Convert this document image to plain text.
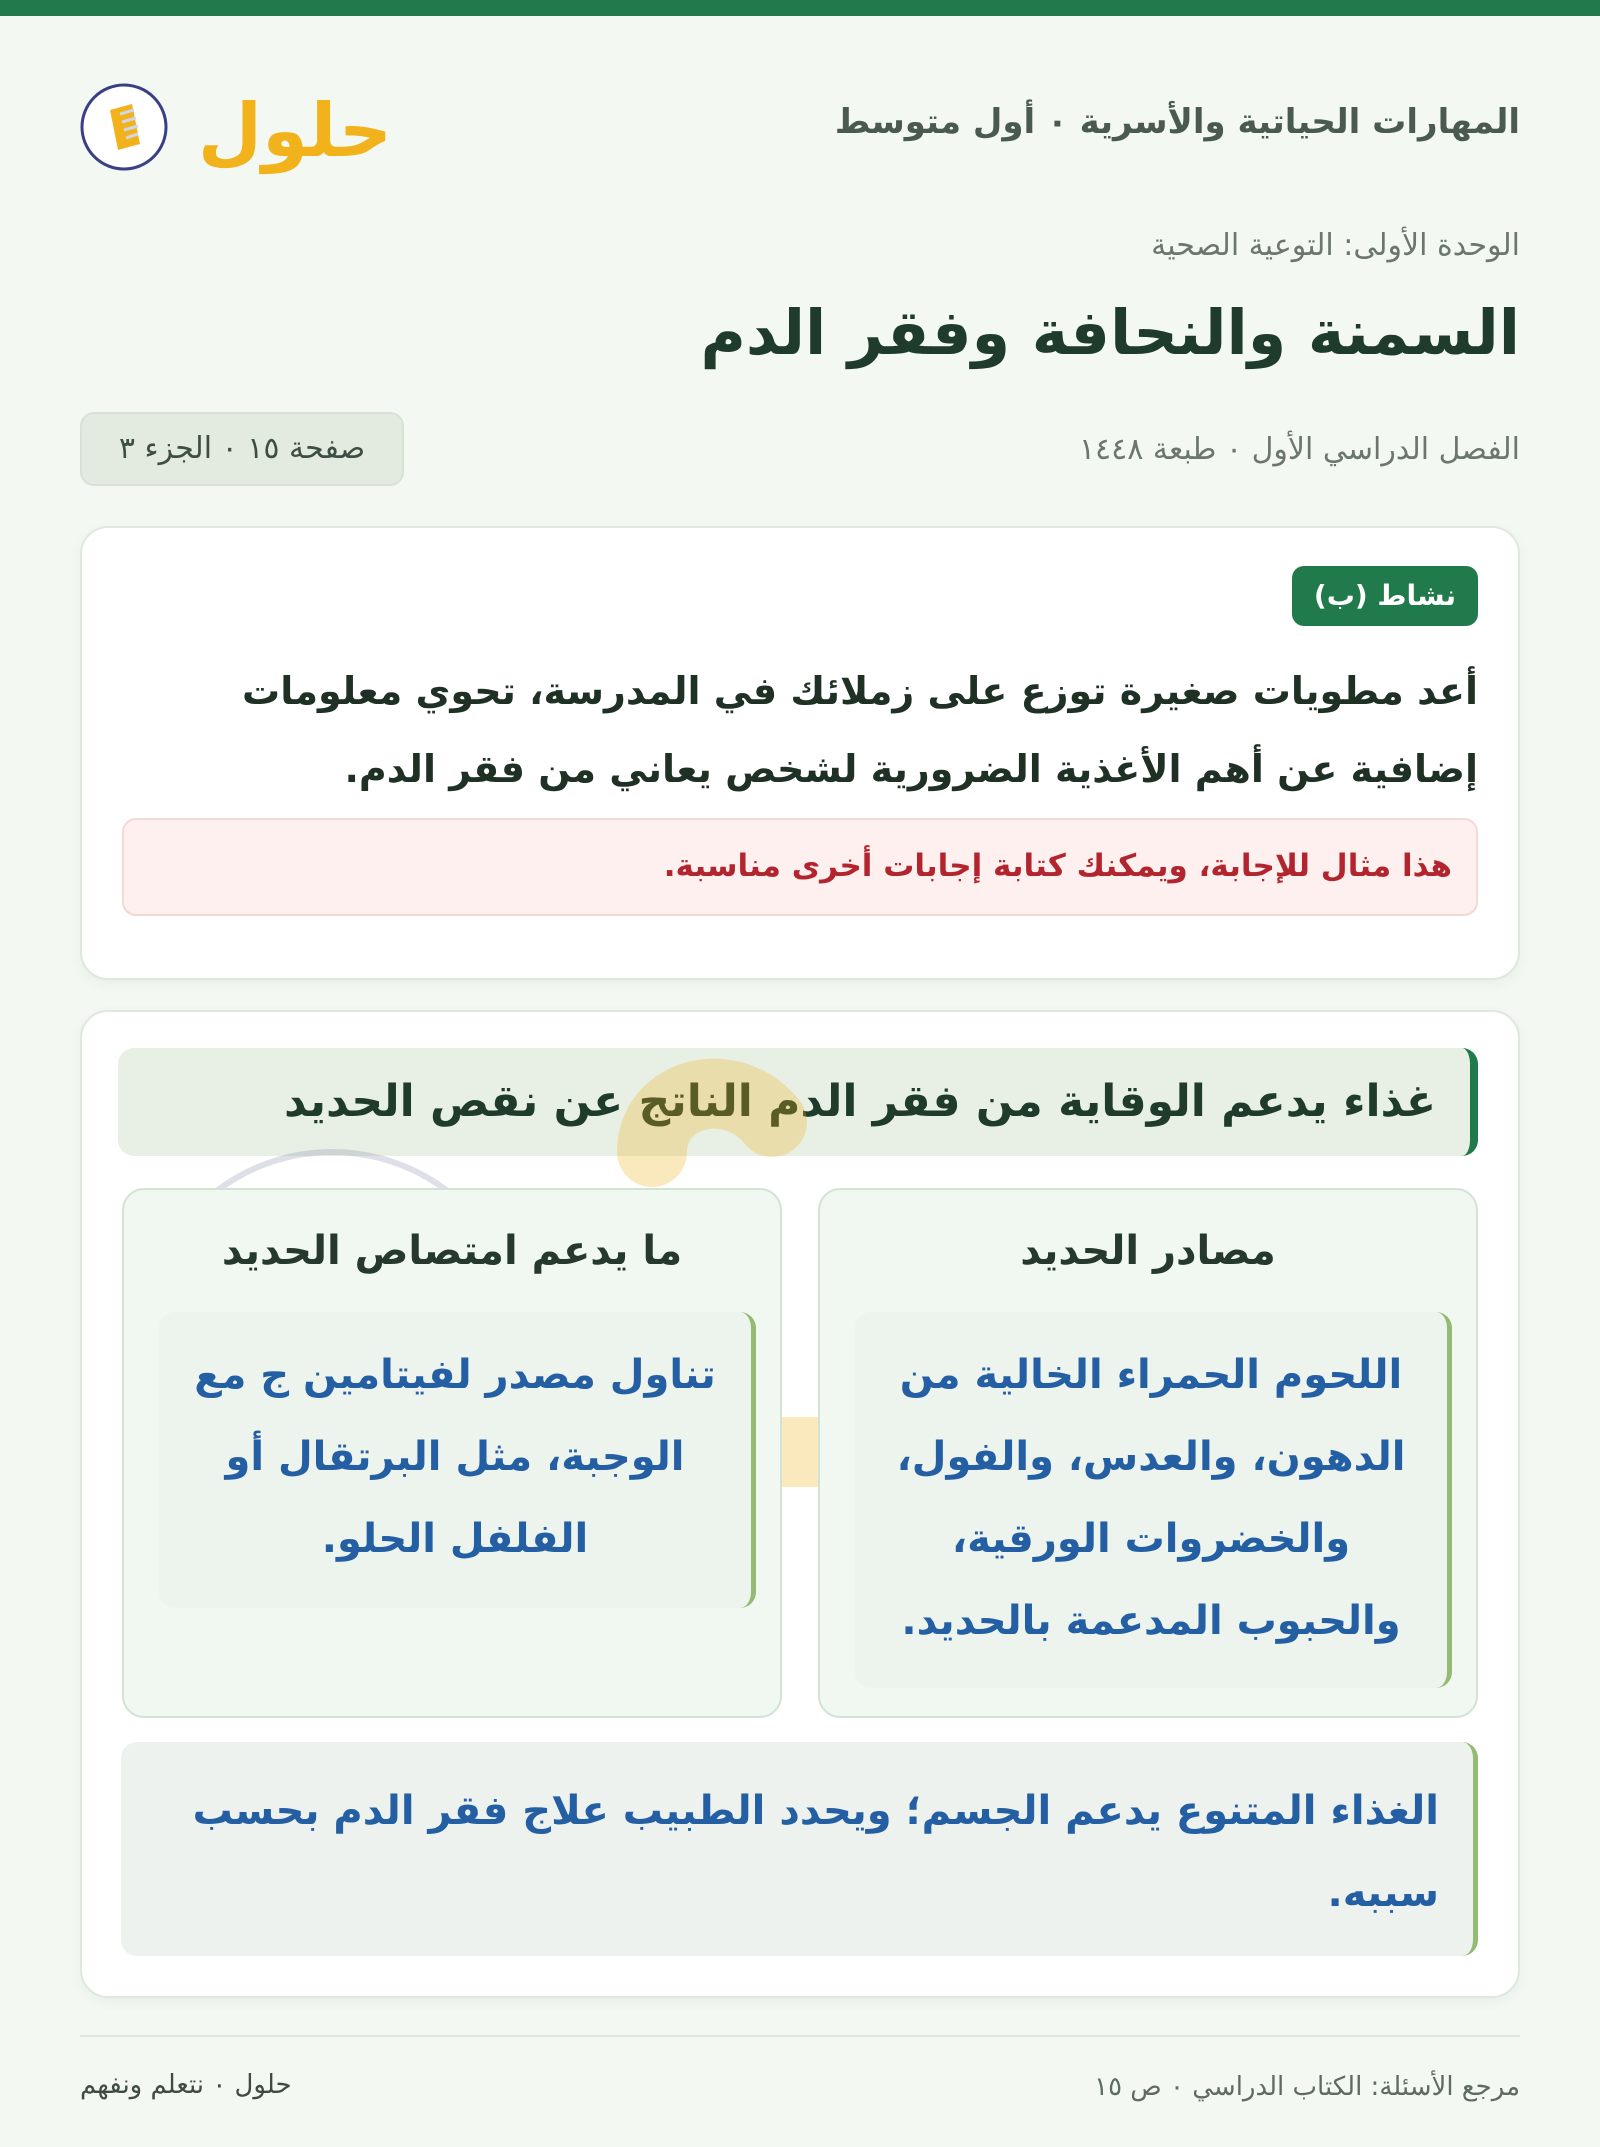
المهارات الحياتية والأسرية ٠ أول متوسط
حلول
الوحدة الأولى: التوعية الصحية
السمنة والنحافة وفقر الدم
الفصل الدراسي الأول ٠ طبعة ١٤٤٨
صفحة ١٥ ٠ الجزء ٣
نشاط (ب)
أعد مطويات صغيرة توزع على زملائك في المدرسة، تحوي معلومات إضافية عن أهم الأغذية الضرورية لشخص يعاني من فقر الدم.
هذا مثال للإجابة، ويمكنك كتابة إجابات أخرى مناسبة.
غذاء يدعم الوقاية من فقر الدم الناتج عن نقص الحديد
مصادر الحديد
اللحوم الحمراء الخالية من الدهون، والعدس، والفول، والخضروات الورقية، والحبوب المدعمة بالحديد.
ما يدعم امتصاص الحديد
تناول مصدر لفيتامين ج مع الوجبة، مثل البرتقال أو الفلفل الحلو.
الغذاء المتنوع يدعم الجسم؛ ويحدد الطبيب علاج فقر الدم بحسب سببه.
مرجع الأسئلة: الكتاب الدراسي ٠ ص ١٥
حلول ٠ نتعلم ونفهم
